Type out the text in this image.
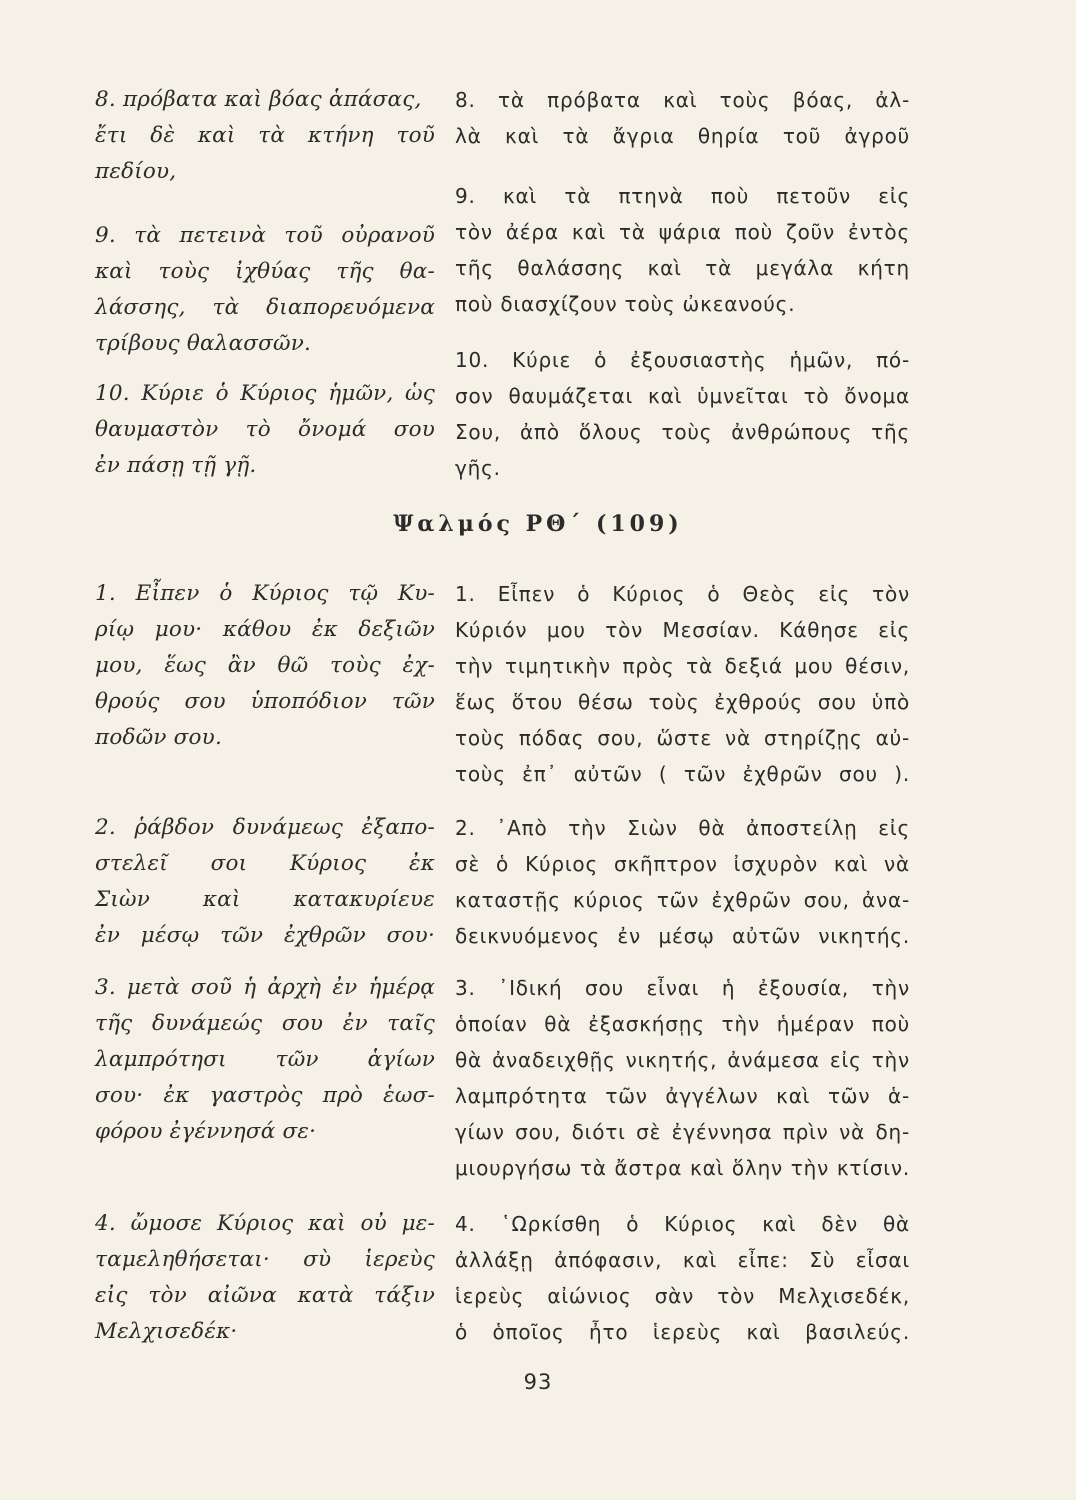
8. πρόβατα καὶ βόας ἁπάσας,
ἔτι δὲ καὶ τὰ κτήνη τοῦ
πεδίου,
9. τὰ πετεινὰ τοῦ οὐρανοῦ
καὶ τοὺς ἰχθύας τῆς θα-
λάσσης, τὰ διαπορευόμενα
τρίβους θαλασσῶν.
10. Κύριε ὁ Κύριος ἡμῶν, ὡς
θαυμαστὸν τὸ ὄνομά σου
ἐν πάσῃ τῇ γῇ.
8. τὰ πρόβατα καὶ τοὺς βόας, ἀλ-
λὰ καὶ τὰ ἄγρια θηρία τοῦ ἀγροῦ
9. καὶ τὰ πτηνὰ ποὺ πετοῦν εἰς
τὸν ἀέρα καὶ τὰ ψάρια ποὺ ζοῦν ἐντὸς
τῆς θαλάσσης καὶ τὰ μεγάλα κήτη
ποὺ διασχίζουν τοὺς ὠκεανούς.
10. Κύριε ὁ ἐξουσιαστὴς ἡμῶν, πό-
σον θαυμάζεται καὶ ὑμνεῖται τὸ ὄνομα
Σου, ἀπὸ ὅλους τοὺς ἀνθρώπους τῆς
γῆς.
Ψαλμός ΡΘ΄ (109)
1. Εἶπεν ὁ Κύριος τῷ Κυ-
ρίῳ μου· κάθου ἐκ δεξιῶν
μου, ἕως ἂν θῶ τοὺς ἐχ-
θρούς σου ὑποπόδιον τῶν
ποδῶν σου.
1. Εἶπεν ὁ Κύριος ὁ Θεὸς εἰς τὸν
Κύριόν μου τὸν Μεσσίαν. Κάθησε εἰς
τὴν τιμητικὴν πρὸς τὰ δεξιά μου θέσιν,
ἕως ὅτου θέσω τοὺς ἐχθρούς σου ὑπὸ
τοὺς πόδας σου, ὥστε νὰ στηρίζῃς αὐ-
τοὺς ἐπ᾽ αὐτῶν ( τῶν ἐχθρῶν σου ).
2. ῥάβδον δυνάμεως ἐξαπο-
στελεῖ σοι Κύριος ἐκ
Σιὼν καὶ κατακυρίευε
ἐν μέσῳ τῶν ἐχθρῶν σου·
2. ᾿Απὸ τὴν Σιὼν θὰ ἀποστείλῃ εἰς
σὲ ὁ Κύριος σκῆπτρον ἰσχυρὸν καὶ νὰ
καταστῇς κύριος τῶν ἐχθρῶν σου, ἀνα-
δεικνυόμενος ἐν μέσῳ αὐτῶν νικητής.
3. μετὰ σοῦ ἡ ἀρχὴ ἐν ἡμέρᾳ
τῆς δυνάμεώς σου ἐν ταῖς
λαμπρότησι τῶν ἁγίων
σου· ἐκ γαστρὸς πρὸ ἑωσ-
φόρου ἐγέννησά σε·
3. ᾿Ιδική σου εἶναι ἡ ἐξουσία, τὴν
ὁποίαν θὰ ἐξασκήσῃς τὴν ἡμέραν ποὺ
θὰ ἀναδειχθῇς νικητής, ἀνάμεσα εἰς τὴν
λαμπρότητα τῶν ἀγγέλων καὶ τῶν ἁ-
γίων σου, διότι σὲ ἐγέννησα πρὶν νὰ δη-
μιουργήσω τὰ ἄστρα καὶ ὅλην τὴν κτίσιν.
4. ὤμοσε Κύριος καὶ οὐ με-
ταμεληθήσεται· σὺ ἱερεὺς
εἰς τὸν αἰῶνα κατὰ τάξιν
Μελχισεδέκ·
4. ῾Ωρκίσθη ὁ Κύριος καὶ δὲν θὰ
ἀλλάξῃ ἀπόφασιν, καὶ εἶπε: Σὺ εἶσαι
ἱερεὺς αἰώνιος σὰν τὸν Μελχισεδέκ,
ὁ ὁποῖος ἦτο ἱερεὺς καὶ βασιλεύς.
93
